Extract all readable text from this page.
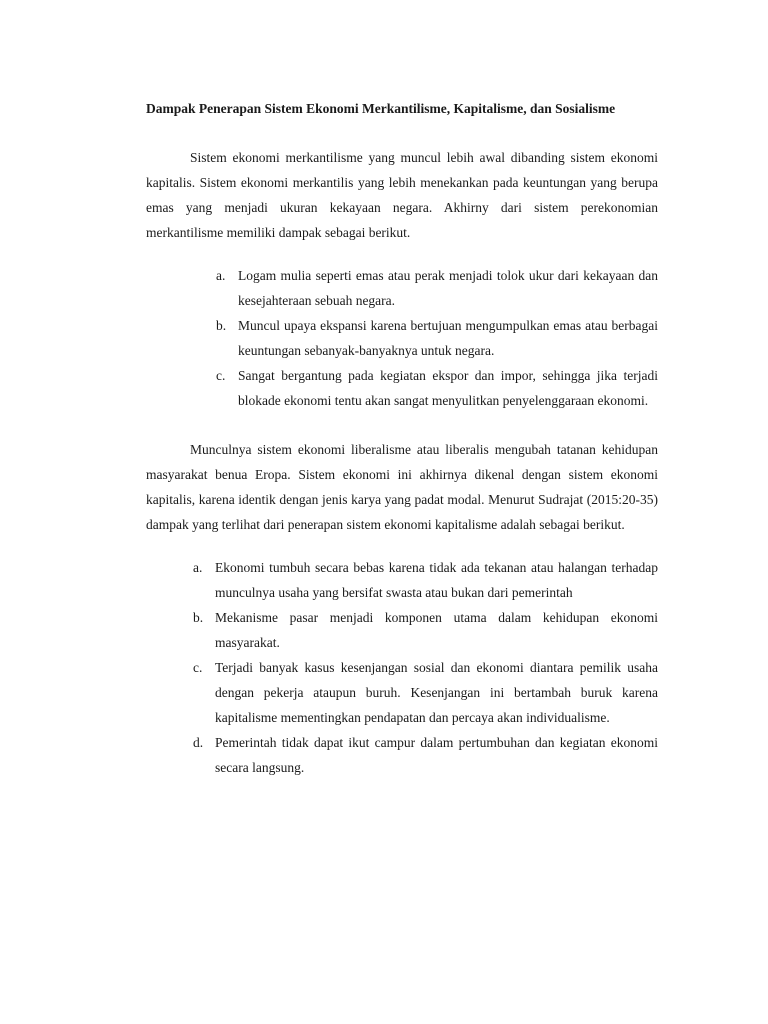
Dampak Penerapan Sistem Ekonomi Merkantilisme, Kapitalisme, dan Sosialisme

Sistem ekonomi merkantilisme yang muncul lebih awal dibanding sistem ekonomi kapitalis. Sistem ekonomi merkantilis yang lebih menekankan pada keuntungan yang berupa emas yang menjadi ukuran kekayaan negara. Akhirny dari sistem perekonomian merkantilisme memiliki dampak sebagai berikut.

a. Logam mulia seperti emas atau perak menjadi tolok ukur dari kekayaan dan kesejahteraan sebuah negara.
b. Muncul upaya ekspansi karena bertujuan mengumpulkan emas atau berbagai keuntungan sebanyak-banyaknya untuk negara.
c. Sangat bergantung pada kegiatan ekspor dan impor, sehingga jika terjadi blokade ekonomi tentu akan sangat menyulitkan penyelenggaraan ekonomi.

Munculnya sistem ekonomi liberalisme atau liberalis mengubah tatanan kehidupan masyarakat benua Eropa. Sistem ekonomi ini akhirnya dikenal dengan sistem ekonomi kapitalis, karena identik dengan jenis karya yang padat modal. Menurut Sudrajat (2015:20-35) dampak yang terlihat dari penerapan sistem ekonomi kapitalisme adalah sebagai berikut.

a. Ekonomi tumbuh secara bebas karena tidak ada tekanan atau halangan terhadap munculnya usaha yang bersifat swasta atau bukan dari pemerintah
b. Mekanisme pasar menjadi komponen utama dalam kehidupan ekonomi masyarakat.
c. Terjadi banyak kasus kesenjangan sosial dan ekonomi diantara pemilik usaha dengan pekerja ataupun buruh. Kesenjangan ini bertambah buruk karena kapitalisme mementingkan pendapatan dan percaya akan individualisme.
d. Pemerintah tidak dapat ikut campur dalam pertumbuhan dan kegiatan ekonomi secara langsung.
